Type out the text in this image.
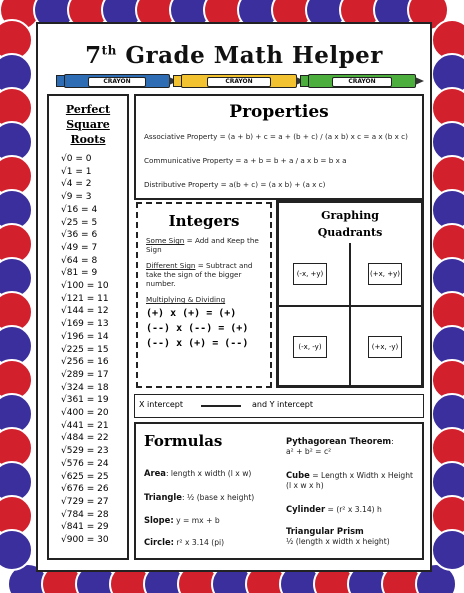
7th Grade Math Helper
CRAYON	CRAYON	CRAYON
Perfect
Square
Roots
√0 = 0
√1 = 1
√4 = 2
√9 = 3
√16 = 4
√25 = 5
√36 = 6
√49 = 7
√64 = 8
√81 = 9
√100 = 10
√121 = 11
√144 = 12
√169 = 13
√196 = 14
√225 = 15
√256 = 16
√289 = 17
√324 = 18
√361 = 19
√400 = 20
√441 = 21
√484 = 22
√529 = 23
√576 = 24
√625 = 25
√676 = 26
√729 = 27
√784 = 28
√841 = 29
√900 = 30
Properties
Associative Property = (a + b) + c = a + (b + c) / (a x b) x c = a x (b x c)
Communicative Property = a + b = b + a / a x b = b x a
Distributive Property = a(b + c) = (a x b) + (a x c)
Integers
Some Sign = Add and Keep the Sign
Different Sign = Subtract and take the sign of the bigger number.
Multiplying & Dividing
(+) x (+) = (+)
(--) x (--) = (+)
(--) x (+) = (--)
Graphing
Quadrants
(-x, +y)	(+x, +y)
(-x, -y)	(+x, -y)
X intercept	and Y intercept
Formulas
Area: length x width (l x w)
Triangle: ½ (base x height)
Slope: y = mx + b
Circle: r² x 3.14 (pi)
Pythagorean Theorem:
a² + b² = c²
Cube = Length x Width x Height (l x w x h)
Cylinder = (r² x 3.14) h
Triangular Prism
½ (length x width x height)
